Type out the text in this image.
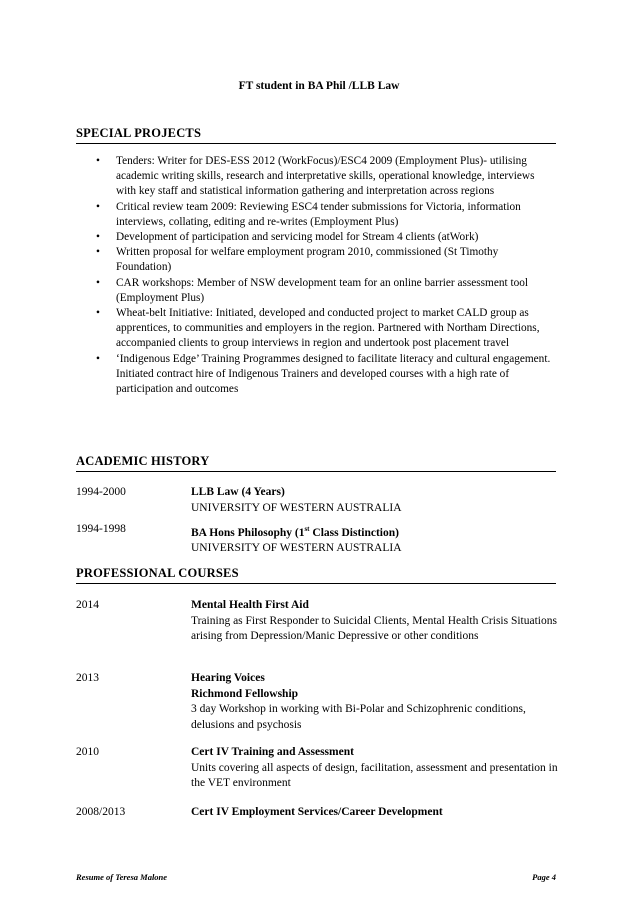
FT student in BA Phil /LLB Law
SPECIAL PROJECTS
• Tenders: Writer for DES-ESS 2012 (WorkFocus)/ESC4 2009 (Employment Plus)- utilising academic writing skills, research and interpretative skills, operational knowledge, interviews with key staff and statistical information gathering and interpretation across regions
• Critical review team 2009: Reviewing ESC4 tender submissions for Victoria, information interviews, collating, editing and re-writes (Employment Plus)
• Development of participation and servicing model for Stream 4 clients (atWork)
• Written proposal for welfare employment program 2010, commissioned (St Timothy Foundation)
• CAR workshops: Member of NSW development team for an online barrier assessment tool (Employment Plus)
• Wheat-belt Initiative: Initiated, developed and conducted project to market CALD group as apprentices, to communities and employers in the region. Partnered with Northam Directions, accompanied clients to group interviews in region and undertook post placement travel
• ‘Indigenous Edge’ Training Programmes designed to facilitate literacy and cultural engagement. Initiated contract hire of Indigenous Trainers and developed courses with a high rate of participation and outcomes
ACADEMIC HISTORY
1994-2000	LLB Law (4 Years)
UNIVERSITY OF WESTERN AUSTRALIA
1994-1998	BA Hons Philosophy (1st Class Distinction)
UNIVERSITY OF WESTERN AUSTRALIA
PROFESSIONAL COURSES
2014	Mental Health First Aid
Training as First Responder to Suicidal Clients, Mental Health Crisis Situations arising from Depression/Manic Depressive or other conditions
2013	Hearing Voices
Richmond Fellowship
3 day Workshop in working with Bi-Polar and Schizophrenic conditions, delusions and psychosis
2010	Cert IV Training and Assessment
Units covering all aspects of design, facilitation, assessment and presentation in the VET environment
2008/2013	Cert IV Employment Services/Career Development
Resume of Teresa Malone	Page 4
